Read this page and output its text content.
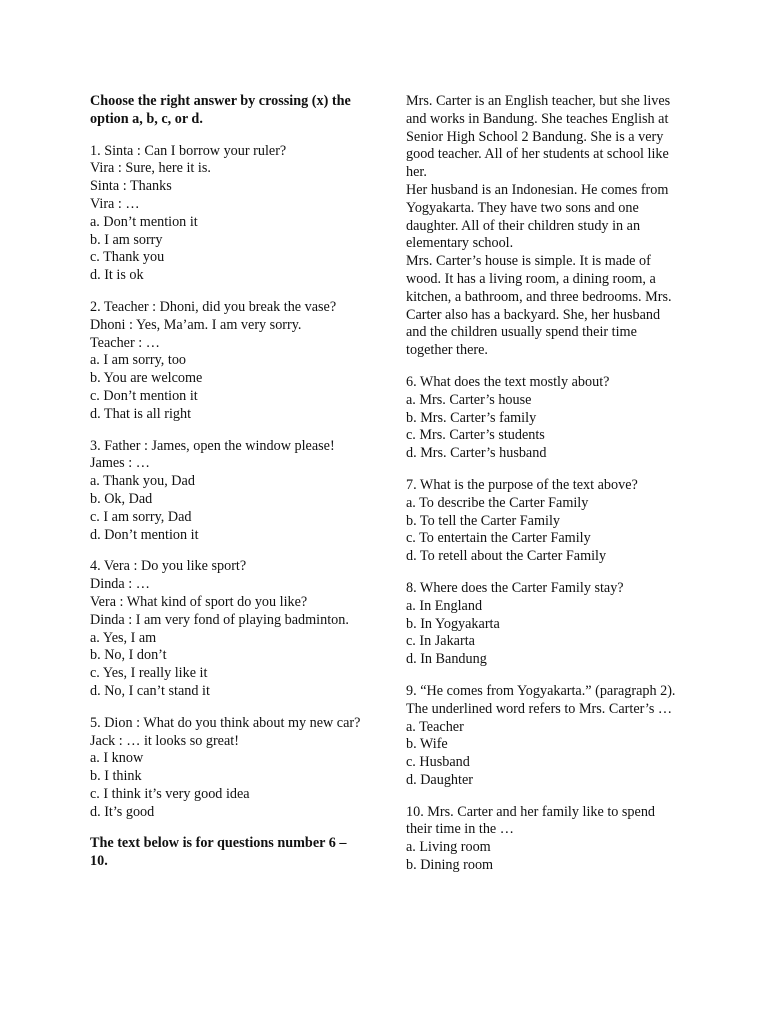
Choose the right answer by crossing (x) the option a, b, c, or d.
1. Sinta : Can I borrow your ruler?
Vira : Sure, here it is.
Sinta : Thanks
Vira : …
a. Don’t mention it
b. I am sorry
c. Thank you
d. It is ok
2. Teacher : Dhoni, did you break the vase?
Dhoni : Yes, Ma’am. I am very sorry.
Teacher : …
a. I am sorry, too
b. You are welcome
c. Don’t mention it
d. That is all right
3. Father : James, open the window please!
James : …
a. Thank you, Dad
b. Ok, Dad
c. I am sorry, Dad
d. Don’t mention it
4. Vera : Do you like sport?
Dinda : …
Vera : What kind of sport do you like?
Dinda : I am very fond of playing badminton.
a. Yes, I am
b. No, I don’t
c. Yes, I really like it
d. No, I can’t stand it
5. Dion : What do you think about my new car?
Jack : … it looks so great!
a. I know
b. I think
c. I think it’s very good idea
d. It’s good
The text below is for questions number 6 – 10.
Mrs. Carter is an English teacher, but she lives and works in Bandung. She teaches English at Senior High School 2 Bandung. She is a very good teacher. All of her students at school like her.
Her husband is an Indonesian. He comes from Yogyakarta. They have two sons and one daughter. All of their children study in an elementary school.
Mrs. Carter’s house is simple. It is made of wood. It has a living room, a dining room, a kitchen, a bathroom, and three bedrooms. Mrs. Carter also has a backyard. She, her husband and the children usually spend their time together there.
6. What does the text mostly about?
a. Mrs. Carter’s house
b. Mrs. Carter’s family
c. Mrs. Carter’s students
d. Mrs. Carter’s husband
7. What is the purpose of the text above?
a. To describe the Carter Family
b. To tell the Carter Family
c. To entertain the Carter Family
d. To retell about the Carter Family
8. Where does the Carter Family stay?
a. In England
b. In Yogyakarta
c. In Jakarta
d. In Bandung
9. “He comes from Yogyakarta.” (paragraph 2).
The underlined word refers to Mrs. Carter’s …
a. Teacher
b. Wife
c. Husband
d. Daughter
10. Mrs. Carter and her family like to spend their time in the …
a. Living room
b. Dining room
